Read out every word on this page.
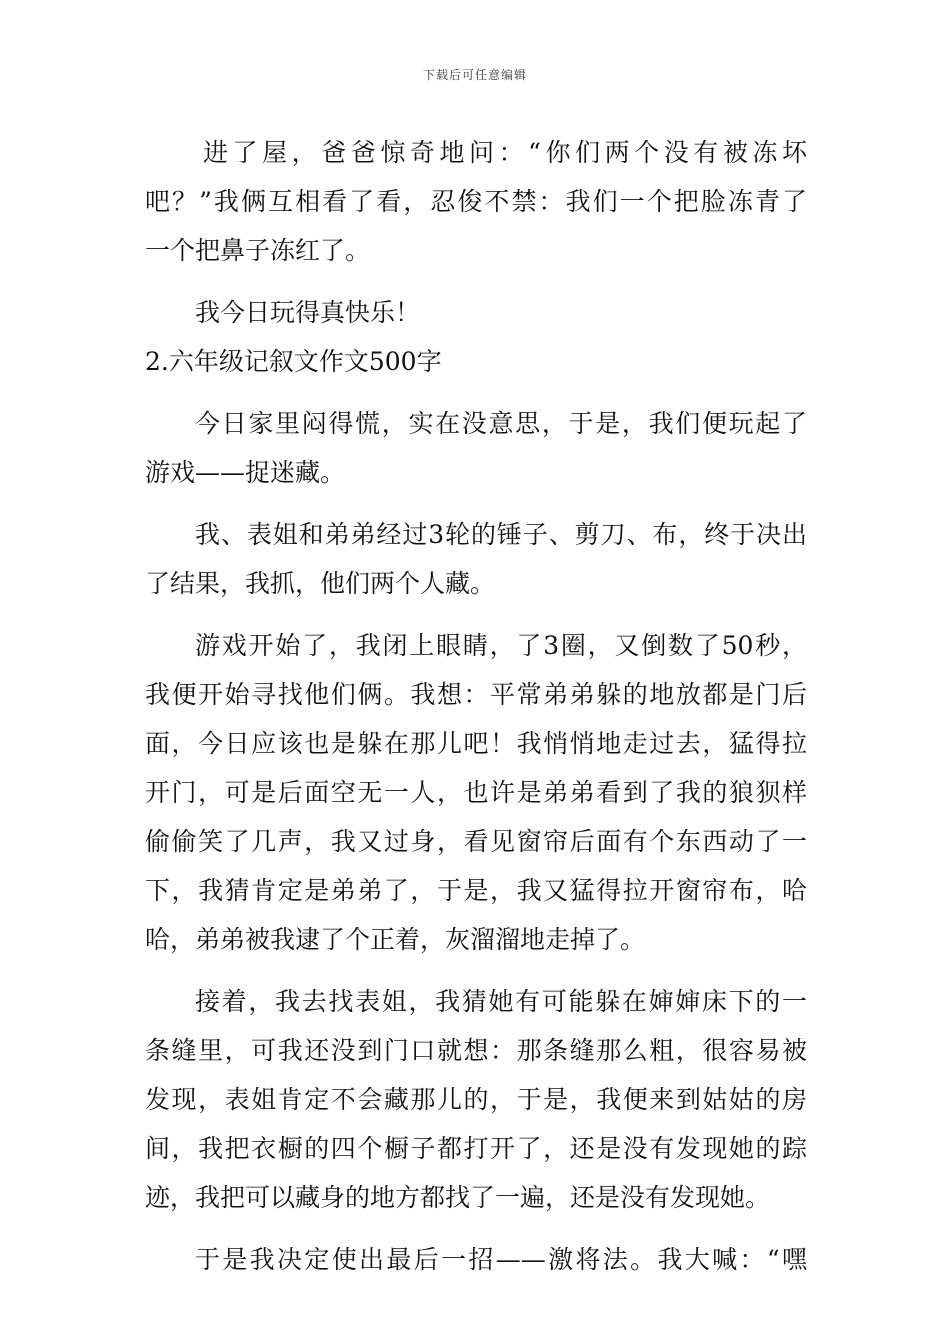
下载后可任意编辑
进了屋，爸爸惊奇地问：“你们两个没有被冻坏
吧？”我俩互相看了看，忍俊不禁：我们一个把脸冻青了
一个把鼻子冻红了。
我今日玩得真快乐！
2.六年级记叙文作文500字
今日家里闷得慌，实在没意思，于是，我们便玩起了
游戏——捉迷藏。
我、表姐和弟弟经过3轮的锤子、剪刀、布，终于决出
了结果，我抓，他们两个人藏。
游戏开始了，我闭上眼睛，了3圈，又倒数了50秒，
我便开始寻找他们俩。我想：平常弟弟躲的地放都是门后
面，今日应该也是躲在那儿吧！我悄悄地走过去，猛得拉
开门，可是后面空无一人，也许是弟弟看到了我的狼狈样
偷偷笑了几声，我又过身，看见窗帘后面有个东西动了一
下，我猜肯定是弟弟了，于是，我又猛得拉开窗帘布，哈
哈，弟弟被我逮了个正着，灰溜溜地走掉了。
接着，我去找表姐，我猜她有可能躲在婶婶床下的一
条缝里，可我还没到门口就想：那条缝那么粗，很容易被
发现，表姐肯定不会藏那儿的，于是，我便来到姑姑的房
间，我把衣橱的四个橱子都打开了，还是没有发现她的踪
迹，我把可以藏身的地方都找了一遍，还是没有发现她。
于是我决定使出最后一招——激将法。我大喊：“嘿
